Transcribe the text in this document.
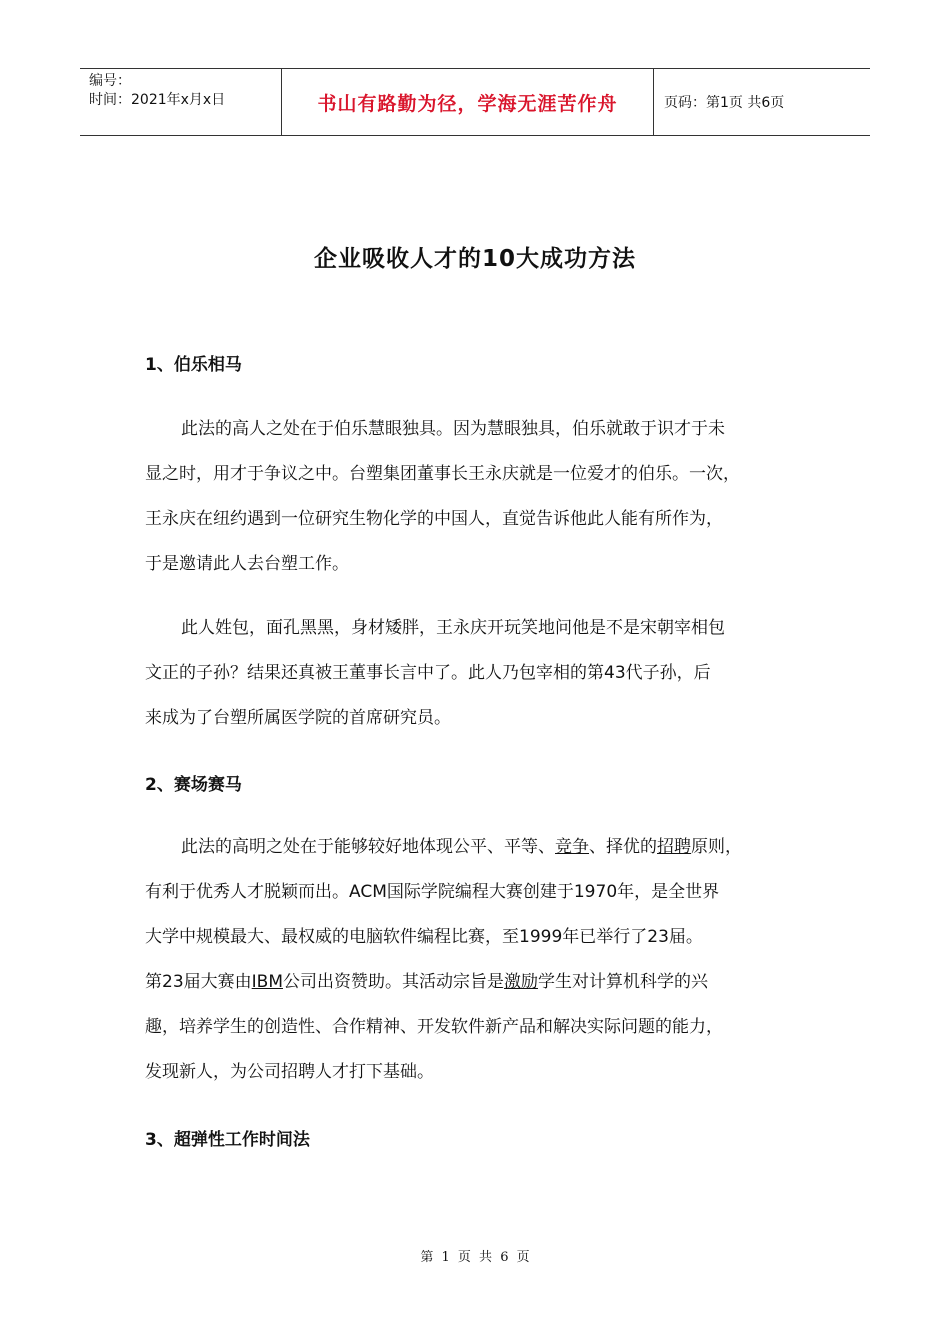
编号：
时间：2021年x月x日	书山有路勤为径，学海无涯苦作舟	页码：第1页 共6页
企业吸收人才的10大成功方法
1、伯乐相马

此法的高人之处在于伯乐慧眼独具。因为慧眼独具，伯乐就敢于识才于未
显之时，用才于争议之中。台塑集团董事长王永庆就是一位爱才的伯乐。一次，
王永庆在纽约遇到一位研究生物化学的中国人，直觉告诉他此人能有所作为，
于是邀请此人去台塑工作。

此人姓包，面孔黑黑，身材矮胖，王永庆开玩笑地问他是不是宋朝宰相包
文正的子孙？结果还真被王董事长言中了。此人乃包宰相的第43代子孙，后
来成为了台塑所属医学院的首席研究员。

2、赛场赛马

此法的高明之处在于能够较好地体现公平、平等、竞争、择优的招聘原则，
有利于优秀人才脱颖而出。ACM国际学院编程大赛创建于1970年，是全世界
大学中规模最大、最权威的电脑软件编程比赛，至1999年已举行了23届。
第23届大赛由IBM公司出资赞助。其活动宗旨是激励学生对计算机科学的兴
趣，培养学生的创造性、合作精神、开发软件新产品和解决实际问题的能力，
发现新人，为公司招聘人才打下基础。

3、超弹性工作时间法
第 1 页 共 6 页
